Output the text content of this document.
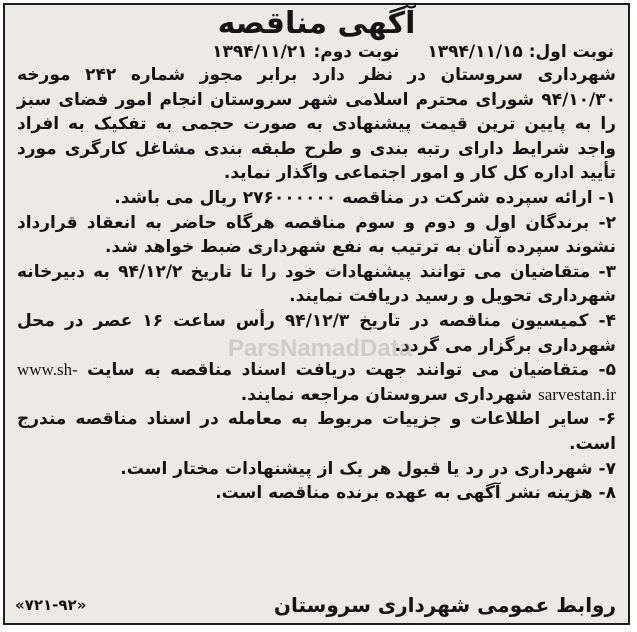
آگهی مناقصه
نوبت اول: ۱۳۹۴/۱۱/۱۵
نوبت دوم: ۱۳۹۴/۱۱/۲۱

شهرداری سروستان در نظر دارد برابر مجوز شماره ۲۴۲ مورخه ۹۴/۱۰/۳۰ شورای محترم اسلامی شهر سروستان انجام امور فضای سبز را به پایین ترین قیمت پیشنهادی به صورت حجمی به تفکیک به افراد واجد شرایط دارای رتبه بندی و طرح طبقه بندی مشاغل کارگری مورد تأیید اداره کل کار و امور اجتماعی واگذار نماید.

۱- ارائه سپرده شرکت در مناقصه ۲۷۶۰۰۰۰۰۰ ریال می باشد.

۲- برندگان اول و دوم و سوم مناقصه هرگاه حاضر به انعقاد قرارداد نشوند سپرده آنان به ترتیب به نفع شهرداری ضبط خواهد شد.

۳- متقاضیان می توانند پیشنهادات خود را تا تاریخ ۹۴/۱۲/۲ به دبیرخانه شهرداری تحویل و رسید دریافت نمایند.

۴- کمیسیون مناقصه در تاریخ ۹۴/۱۲/۳ رأس ساعت ۱۶ عصر در محل شهرداری برگزار می گردد.

۵- متقاضیان می توانند جهت دریافت اسناد مناقصه به سایت www.sh-sarvestan.ir شهرداری سروستان مراجعه نمایند.

۶- سایر اطلاعات و جزییات مربوط به معامله در اسناد مناقصه مندرج است.

۷- شهرداری در رد یا قبول هر یک از پیشنهادات مختار است.

۸- هزینه نشر آگهی به عهده برنده مناقصه است.

ParsNamadData
روابط عمومی شهرداری سروستان
«۷۲۱-۹۲»
